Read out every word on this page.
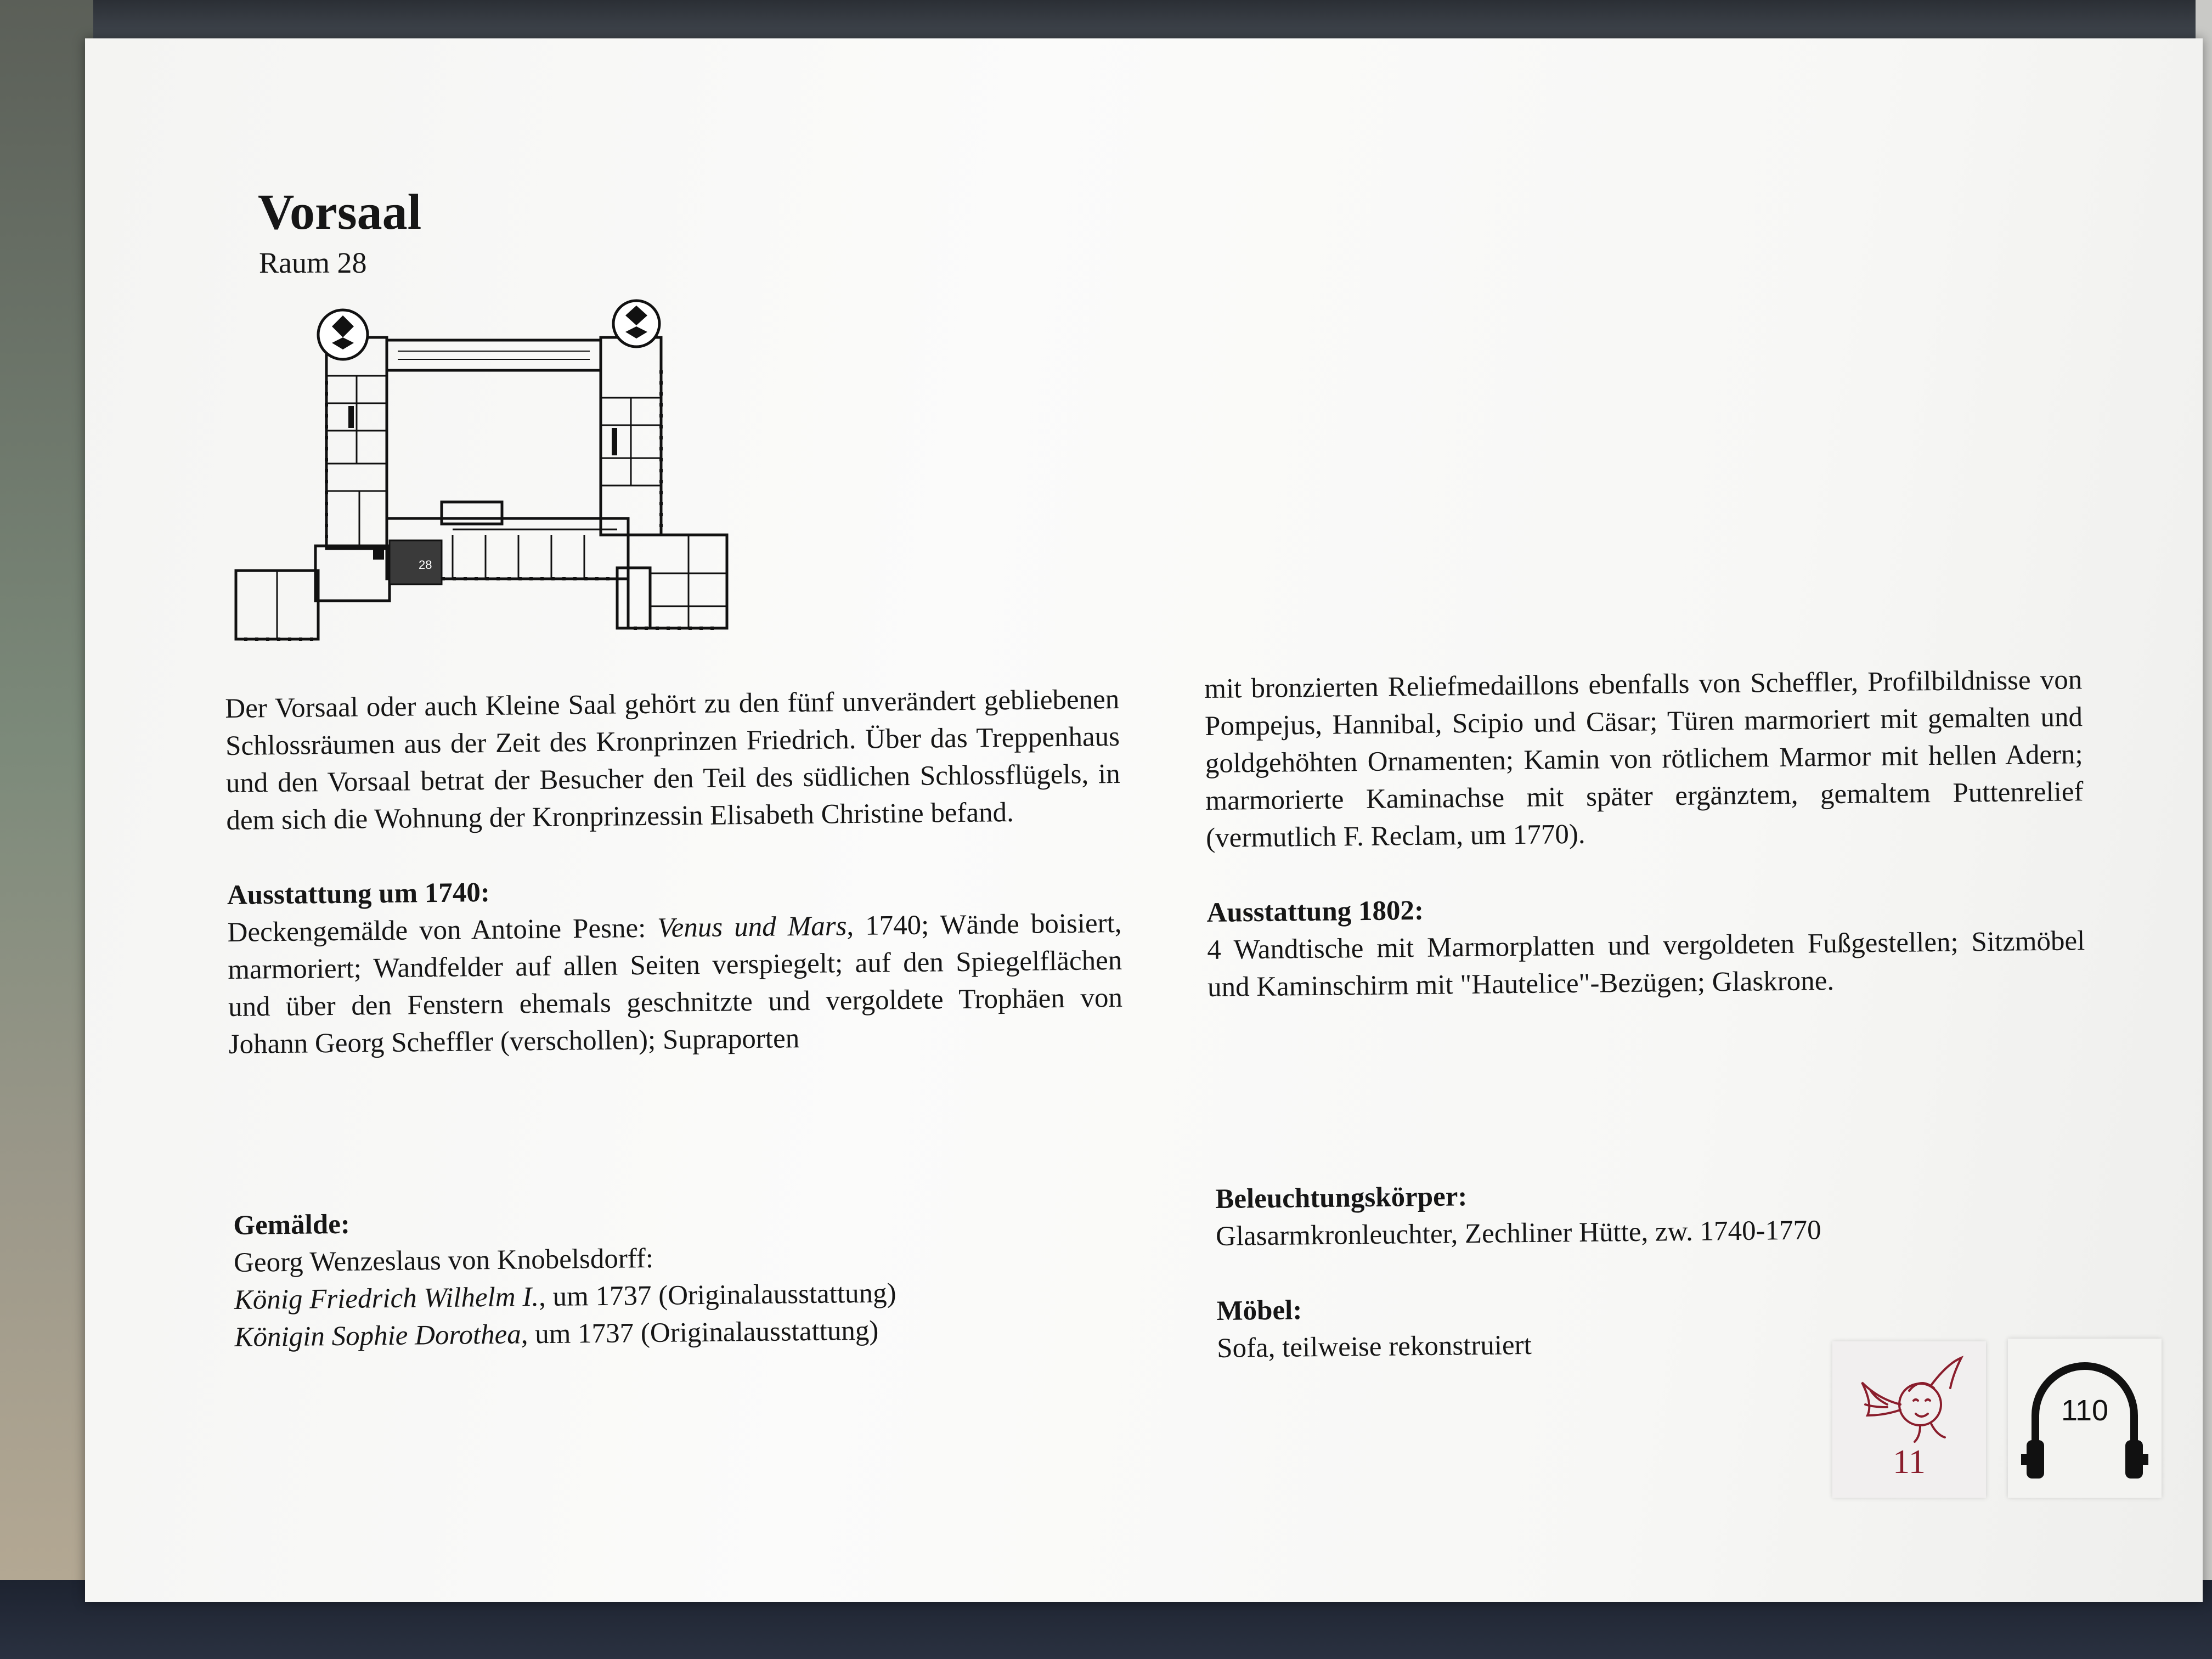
Vorsaal
Raum 28
28

Der Vorsaal oder auch Kleine Saal gehört zu den fünf unverändert gebliebenen Schlossräumen aus der Zeit des Kronprinzen Friedrich. Über das Treppenhaus und den Vorsaal betrat der Besucher den Teil des südlichen Schlossflügels, in dem sich die Wohnung der Kronprinzessin Elisabeth Christine befand.

Ausstattung um 1740:

Deckengemälde von Antoine Pesne: Venus und Mars, 1740; Wände boisiert, marmoriert; Wandfelder auf allen Seiten verspiegelt; auf den Spiegelflächen und über den Fenstern ehemals geschnitzte und vergoldete Trophäen von Johann Georg Scheffler (verschollen); Supraporten

mit bronzierten Reliefmedaillons ebenfalls von Scheffler, Profilbildnisse von Pompejus, Hannibal, Scipio und Cäsar; Türen marmoriert mit gemalten und goldgehöhten Ornamenten; Kamin von rötlichem Marmor mit hellen Adern; marmorierte Kaminachse mit später ergänztem, gemaltem Puttenrelief (vermutlich F. Reclam, um 1770).

Ausstattung 1802:

4 Wandtische mit Marmorplatten und vergoldeten Fußgestellen; Sitzmöbel und Kaminschirm mit "Hautelice"-Bezügen; Glaskrone.

Gemälde:

Georg Wenzeslaus von Knobelsdorff:

König Friedrich Wilhelm I., um 1737 (Originalausstattung)

Königin Sophie Dorothea, um 1737 (Originalausstattung)

Beleuchtungskörper:

Glasarmkronleuchter, Zechliner Hütte, zw. 1740-1770

Möbel:

Sofa, teilweise rekonstruiert

11
110
